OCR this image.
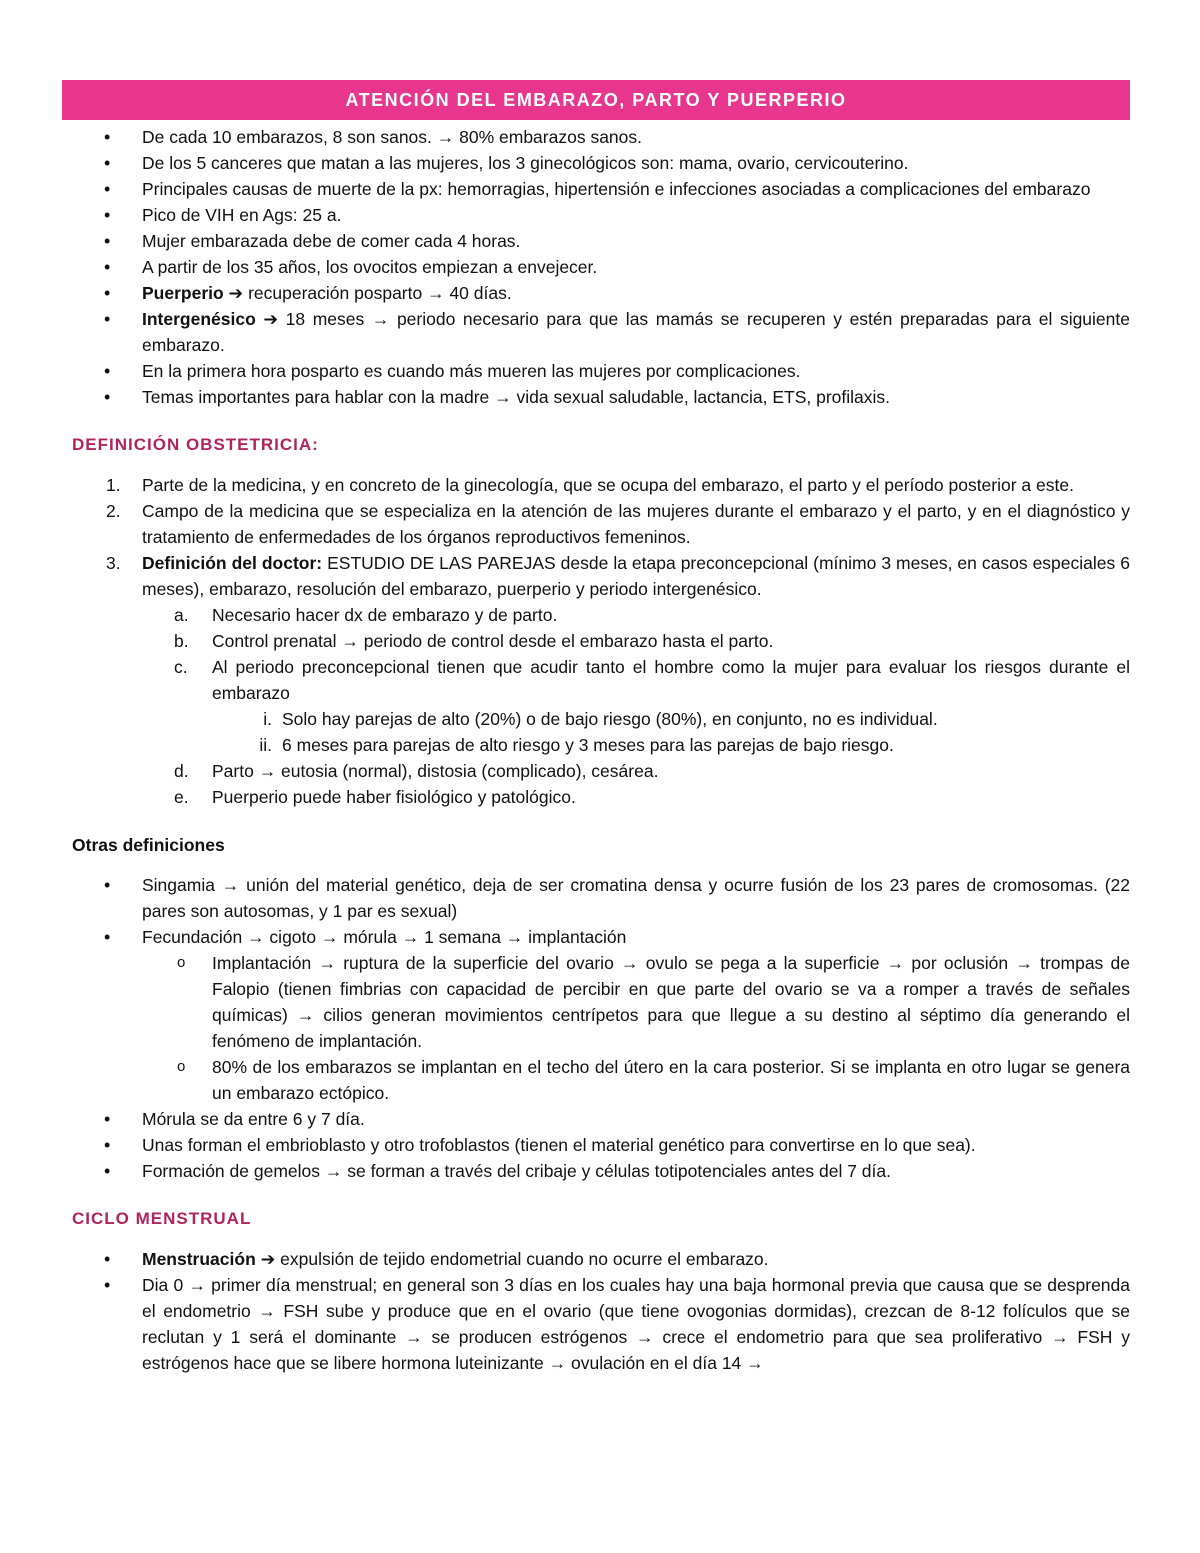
ATENCIÓN DEL EMBARAZO, PARTO Y PUERPERIO
• De cada 10 embarazos, 8 son sanos. → 80% embarazos sanos.
• De los 5 canceres que matan a las mujeres, los 3 ginecológicos son: mama, ovario, cervicouterino.
• Principales causas de muerte de la px: hemorragias, hipertensión e infecciones asociadas a complicaciones del embarazo
• Pico de VIH en Ags: 25 a.
• Mujer embarazada debe de comer cada 4 horas.
• A partir de los 35 años, los ovocitos empiezan a envejecer.
• Puerperio ➔ recuperación posparto → 40 días.
• Intergenésico ➔ 18 meses → periodo necesario para que las mamás se recuperen y estén preparadas para el siguiente embarazo.
• En la primera hora posparto es cuando más mueren las mujeres por complicaciones.
• Temas importantes para hablar con la madre → vida sexual saludable, lactancia, ETS, profilaxis.
DEFINICIÓN OBSTETRICIA:
1. Parte de la medicina, y en concreto de la ginecología, que se ocupa del embarazo, el parto y el período posterior a este.
2. Campo de la medicina que se especializa en la atención de las mujeres durante el embarazo y el parto, y en el diagnóstico y tratamiento de enfermedades de los órganos reproductivos femeninos.
3. Definición del doctor: ESTUDIO DE LAS PAREJAS desde la etapa preconcepcional (mínimo 3 meses, en casos especiales 6 meses), embarazo, resolución del embarazo, puerperio y periodo intergenésico.
a. Necesario hacer dx de embarazo y de parto.
b. Control prenatal → periodo de control desde el embarazo hasta el parto.
c. Al periodo preconcepcional tienen que acudir tanto el hombre como la mujer para evaluar los riesgos durante el embarazo
i. Solo hay parejas de alto (20%) o de bajo riesgo (80%), en conjunto, no es individual.
ii. 6 meses para parejas de alto riesgo y 3 meses para las parejas de bajo riesgo.
d. Parto → eutosia (normal), distosia (complicado), cesárea.
e. Puerperio puede haber fisiológico y patológico.
Otras definiciones
• Singamia → unión del material genético, deja de ser cromatina densa y ocurre fusión de los 23 pares de cromosomas. (22 pares son autosomas, y 1 par es sexual)
• Fecundación → cigoto → mórula → 1 semana → implantación
o Implantación → ruptura de la superficie del ovario → ovulo se pega a la superficie → por oclusión → trompas de Falopio (tienen fimbrias con capacidad de percibir en que parte del ovario se va a romper a través de señales químicas) → cilios generan movimientos centrípetos para que llegue a su destino al séptimo día generando el fenómeno de implantación.
o 80% de los embarazos se implantan en el techo del útero en la cara posterior. Si se implanta en otro lugar se genera un embarazo ectópico.
• Mórula se da entre 6 y 7 día.
• Unas forman el embrioblasto y otro trofoblastos (tienen el material genético para convertirse en lo que sea).
• Formación de gemelos → se forman a través del cribaje y células totipotenciales antes del 7 día.
CICLO MENSTRUAL
• Menstruación ➔ expulsión de tejido endometrial cuando no ocurre el embarazo.
• Dia 0 → primer día menstrual; en general son 3 días en los cuales hay una baja hormonal previa que causa que se desprenda el endometrio → FSH sube y produce que en el ovario (que tiene ovogonias dormidas), crezcan de 8-12 folículos que se reclutan y 1 será el dominante → se producen estrógenos → crece el endometrio para que sea proliferativo → FSH y estrógenos hace que se libere hormona luteinizante → ovulación en el día 14 →
